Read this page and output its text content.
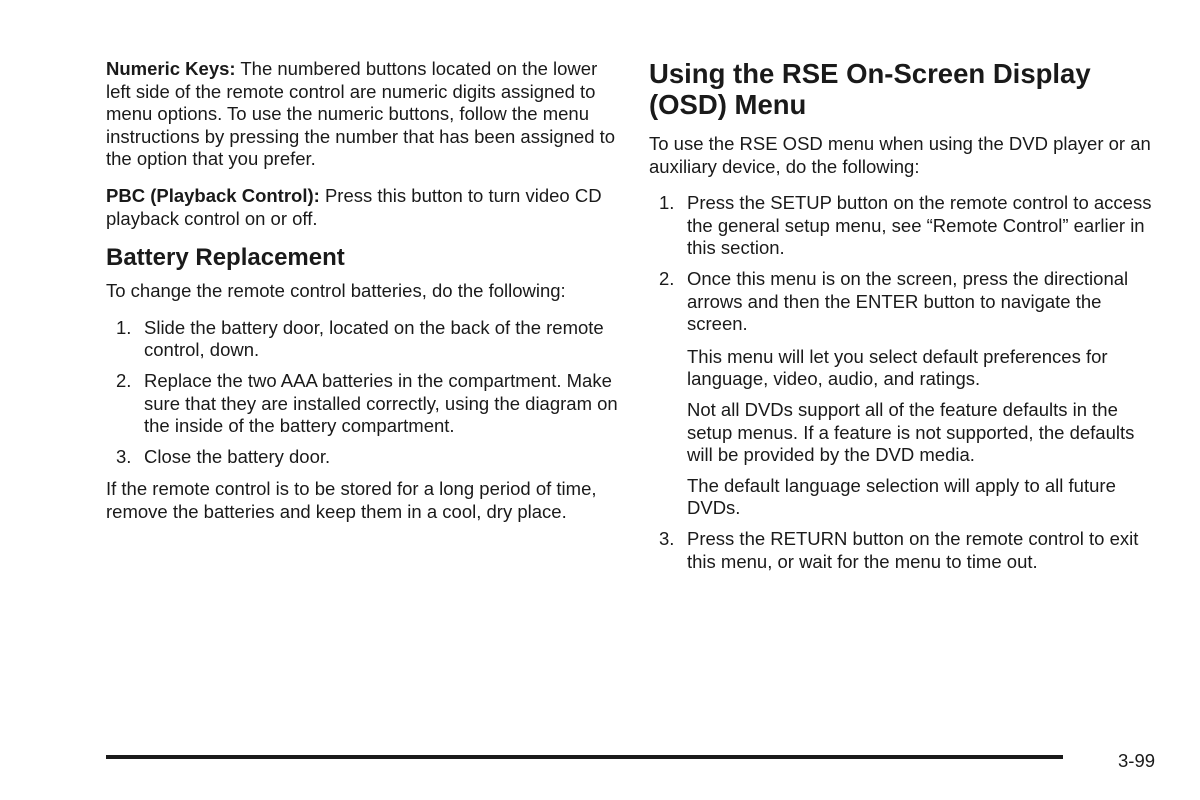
Numeric Keys: The numbered buttons located on the lower left side of the remote control are numeric digits assigned to menu options. To use the numeric buttons, follow the menu instructions by pressing the number that has been assigned to the option that you prefer.

PBC (Playback Control): Press this button to turn video CD playback control on or off.

Battery Replacement

To change the remote control batteries, do the following:

1. Slide the battery door, located on the back of the remote control, down.
2. Replace the two AAA batteries in the compartment. Make sure that they are installed correctly, using the diagram on the inside of the battery compartment.
3. Close the battery door.

If the remote control is to be stored for a long period of time, remove the batteries and keep them in a cool, dry place.

Using the RSE On-Screen Display (OSD) Menu

To use the RSE OSD menu when using the DVD player or an auxiliary device, do the following:

1. Press the SETUP button on the remote control to access the general setup menu, see “Remote Control” earlier in this section.
2. Once this menu is on the screen, press the directional arrows and then the ENTER button to navigate the screen.

This menu will let you select default preferences for language, video, audio, and ratings.

Not all DVDs support all of the feature defaults in the setup menus. If a feature is not supported, the defaults will be provided by the DVD media.

The default language selection will apply to all future DVDs.

3. Press the RETURN button on the remote control to exit this menu, or wait for the menu to time out.
3-99
